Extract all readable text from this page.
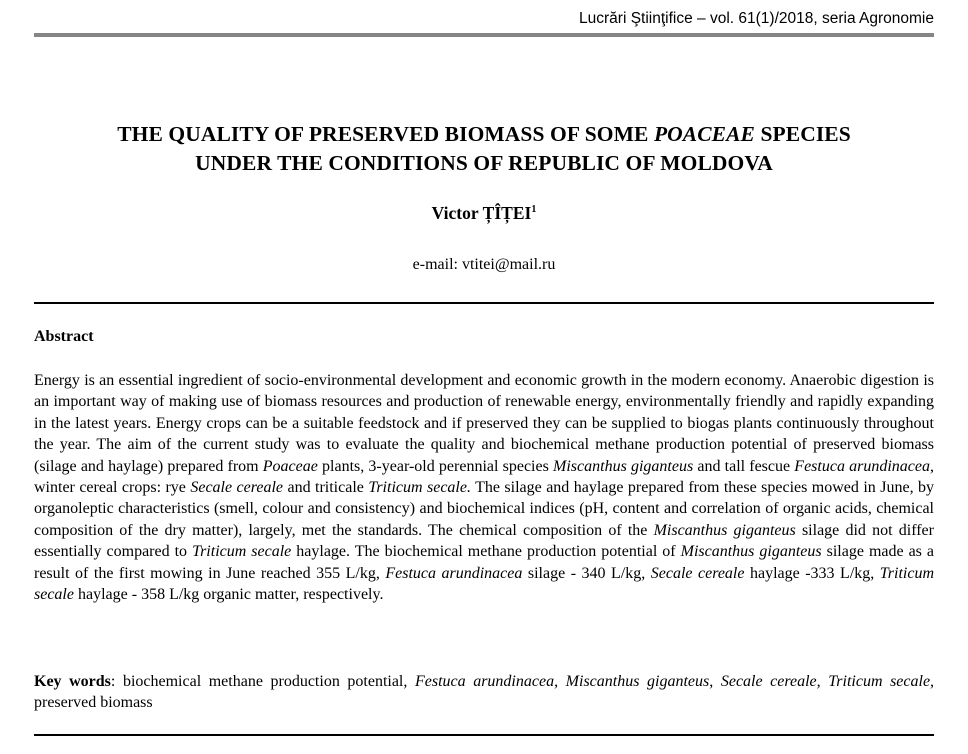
Lucrări Ştiinţifice – vol. 61(1)/2018, seria Agronomie
THE QUALITY OF PRESERVED BIOMASS OF SOME POACEAE SPECIES
UNDER THE CONDITIONS OF REPUBLIC OF MOLDOVA
Victor ȚÎȚEI$^1$
e-mail: vtitei@mail.ru
Abstract
Energy is an essential ingredient of socio-environmental development and economic growth in the modern economy. Anaerobic digestion is an important way of making use of biomass resources and production of renewable energy, environmentally friendly and rapidly expanding in the latest years. Energy crops can be a suitable feedstock and if preserved they can be supplied to biogas plants continuously throughout the year. The aim of the current study was to evaluate the quality and biochemical methane production potential of preserved biomass (silage and haylage) prepared from Poaceae plants, 3-year-old perennial species Miscanthus giganteus and tall fescue Festuca arundinacea, winter cereal crops: rye Secale cereale and triticale Triticum secale. The silage and haylage prepared from these species mowed in June, by organoleptic characteristics (smell, colour and consistency) and biochemical indices (pH, content and correlation of organic acids, chemical composition of the dry matter), largely, met the standards. The chemical composition of the Miscanthus giganteus silage did not differ essentially compared to Triticum secale haylage. The biochemical methane production potential of Miscanthus giganteus silage made as a result of the first mowing in June reached 355 L/kg, Festuca arundinacea silage - 340 L/kg, Secale cereale haylage -333 L/kg, Triticum secale haylage - 358 L/kg organic matter, respectively.
Key words: biochemical methane production potential, Festuca arundinacea, Miscanthus giganteus, Secale cereale, Triticum secale, preserved biomass
